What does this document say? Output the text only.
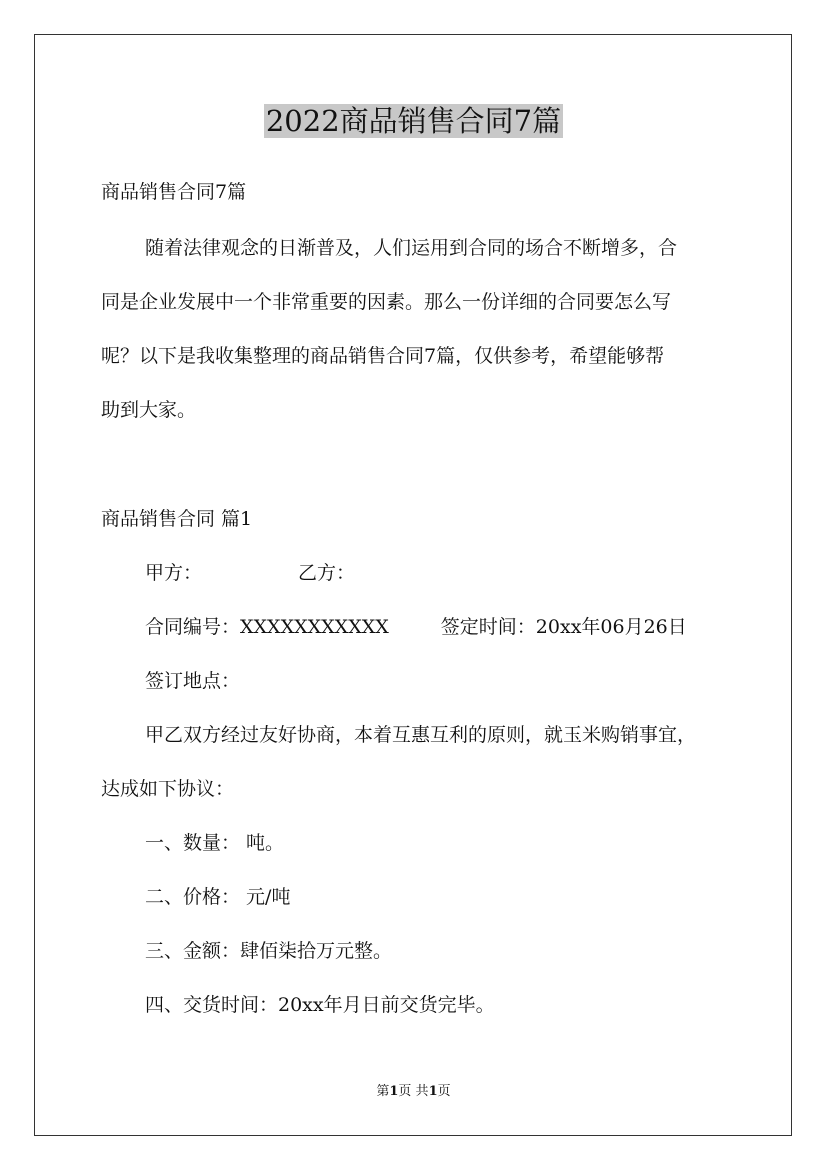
2022商品销售合同7篇

商品销售合同7篇

随着法律观念的日渐普及，人们运用到合同的场合不断增多，合

同是企业发展中一个非常重要的因素。那么一份详细的合同要怎么写

呢？以下是我收集整理的商品销售合同7篇，仅供参考，希望能够帮

助到大家。

商品销售合同 篇1

甲方：	乙方：

合同编号：XXXXXXXXXXX	签定时间：20xx年06月26日

签订地点：

甲乙双方经过友好协商，本着互惠互利的原则，就玉米购销事宜，

达成如下协议：

一、数量： 吨。

二、价格： 元/吨

三、金额：肆佰柒拾万元整。

四、交货时间：20xx年月日前交货完毕。

第1页 共1页
